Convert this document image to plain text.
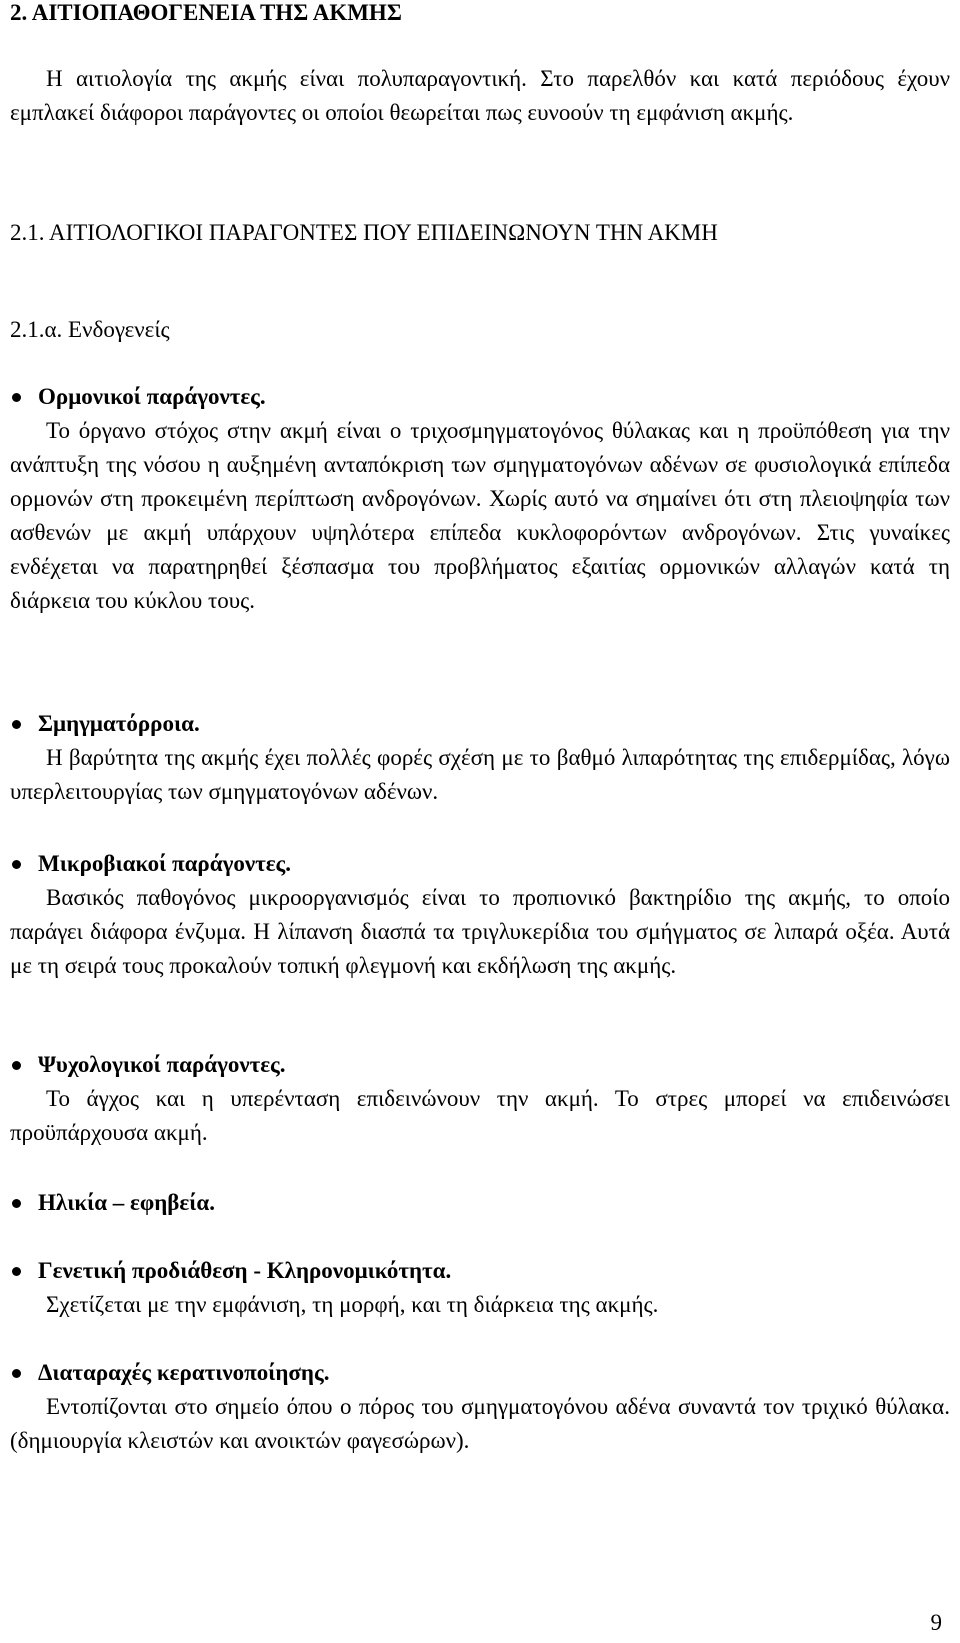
2. ΑΙΤΙΟΠΑΘΟΓΕΝΕΙΑ ΤΗΣ ΑΚΜΗΣ

Η αιτιολογία της ακμής είναι πολυπαραγοντική. Στο παρελθόν και κατά περιόδους έχουν εμπλακεί διάφοροι παράγοντες οι οποίοι θεωρείται πως ευνοούν τη εμφάνιση ακμής.

2.1. ΑΙΤΙΟΛΟΓΙΚΟΙ ΠΑΡΑΓΟΝΤΕΣ ΠΟΥ ΕΠΙΔΕΙΝΩΝΟΥΝ ΤΗΝ ΑΚΜΗ
2.1.α. Ενδογενείς
Ορμονικοί παράγοντες.

Το όργανο στόχος στην ακμή είναι ο τριχοσμηγματογόνος θύλακας και η προϋπόθεση για την ανάπτυξη της νόσου η αυξημένη ανταπόκριση των σμηγματογόνων αδένων σε φυσιολογικά επίπεδα ορμονών στη προκειμένη περίπτωση ανδρογόνων. Χωρίς αυτό να σημαίνει ότι στη πλειοψηφία των ασθενών με ακμή υπάρχουν υψηλότερα επίπεδα κυκλοφορόντων ανδρογόνων. Στις γυναίκες ενδέχεται να παρατηρηθεί ξέσπασμα του προβλήματος εξαιτίας ορμονικών αλλαγών κατά τη διάρκεια του κύκλου τους.

Σμηγματόρροια.

Η βαρύτητα της ακμής έχει πολλές φορές σχέση με το βαθμό λιπαρότητας της επιδερμίδας, λόγω υπερλειτουργίας των σμηγματογόνων αδένων.

Μικροβιακοί παράγοντες.

Βασικός παθογόνος μικροοργανισμός είναι το προπιονικό βακτηρίδιο της ακμής, το οποίο παράγει διάφορα ένζυμα. Η λίπανση διασπά τα τριγλυκερίδια του σμήγματος σε λιπαρά οξέα. Αυτά με τη σειρά τους προκαλούν τοπική φλεγμονή και εκδήλωση της ακμής.

Ψυχολογικοί παράγοντες.

Το άγχος και η υπερένταση επιδεινώνουν την ακμή. Το στρες μπορεί να επιδεινώσει προϋπάρχουσα ακμή.

Ηλικία – εφηβεία.
Γενετική προδιάθεση - Κληρονομικότητα.

Σχετίζεται με την εμφάνιση, τη μορφή, και τη διάρκεια της ακμής.

Διαταραχές κερατινοποίησης.

Εντοπίζονται στο σημείο όπου ο πόρος του σμηγματογόνου αδένα συναντά τον τριχικό θύλακα. (δημιουργία κλειστών και ανοικτών φαγεσώρων).

9
